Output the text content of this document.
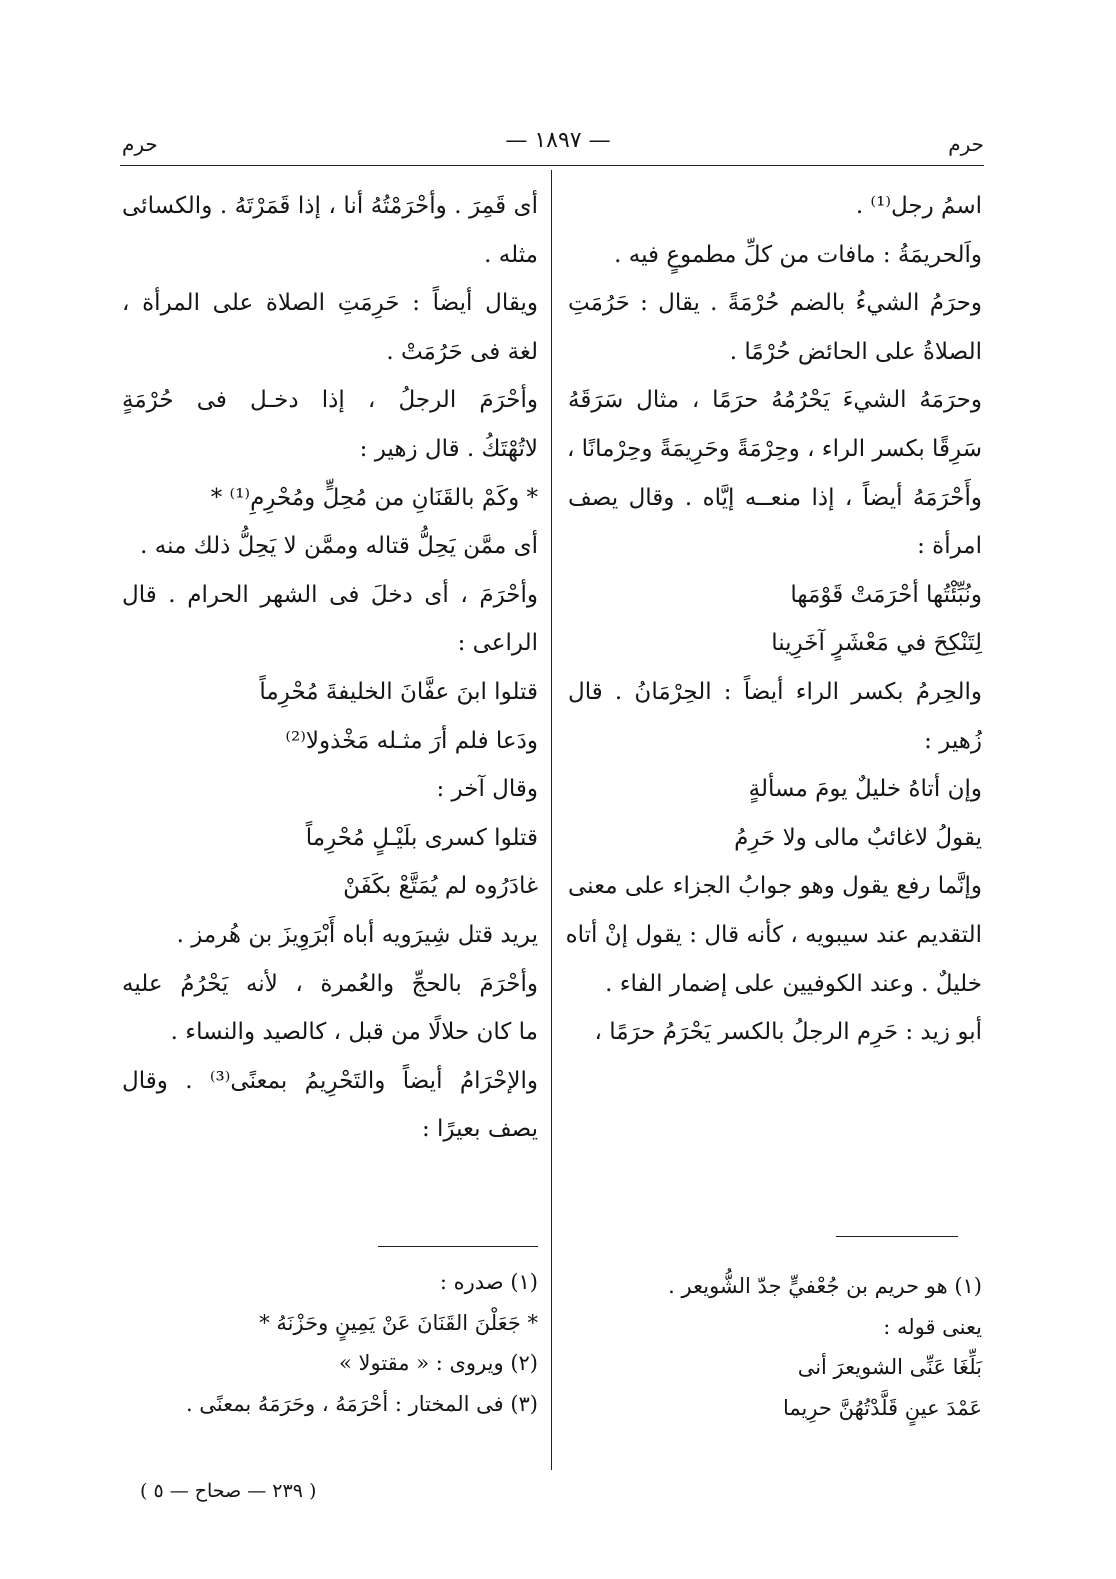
حرم
— ١٨٩٧ —
حرم
اسمُ رجل⁽¹⁾ .
واَلحريمَةُ : مافات من كلِّ مطموعٍ فيه .
وحرَمُ الشيءُ بالضم حُرْمَةً . يقال : حَرُمَتِ
الصلاةُ على الحائض حُرْمًا .
وحرَمَهُ الشيءَ يَحْرُمُهُ حرَمًا ، مثال سَرَقَهُ
سَرِقًا بكسر الراء ، وحِرْمَةً وحَرِيمَةً وحِرْمانًا ،
وأَحْرَمَهُ أيضاً ، إذا منعــه إيَّاه . وقال يصف
امرأة :
ونُبِّئْتُها أحْرَمَتْ قَوْمَها
لِتَنْكِحَ في مَعْشَرٍ آخَرِينا
والحِرمُ بكسر الراء أيضاً : الحِرْمَانُ . قال
زُهير :
وإن أتاهُ خليلٌ يومَ مسألةٍ
يقولُ لاغائبٌ مالى ولا حَرِمُ
وإنَّما رفع يقول وهو جوابُ الجزاء على معنى
التقديم عند سيبويه ، كأنه قال : يقول إنْ أتاه
خليلٌ . وعند الكوفيين على إضمار الفاء .
أبو زيد : حَرِم الرجلُ بالكسر يَحْرَمُ حرَمًا ،
أى قَمِرَ . وأحْرَمْتُهُ أنا ، إذا قَمَرْتَهُ . والكسائى
مثله .
ويقال أيضاً : حَرِمَتِ الصلاة على المرأة ،
لغة فى حَرُمَتْ .
وأحْرَمَ الرجلُ ، إذا دخـل فى حُرْمَةٍ
لاتُهْتَكُ . قال زهير :
* وكَمْ بالقَنَانِ من مُحِلٍّ ومُحْرِمِ⁽¹⁾ *
أى ممَّن يَحِلُّ قتاله وممَّن لا يَحِلُّ ذلك منه .
وأحْرَمَ ، أى دخلَ فى الشهر الحرام . قال
الراعى :
قتلوا ابنَ عفَّانَ الخليفةَ مُحْرِماً
ودَعا فلم أرَ مثـله مَخْذولا⁽²⁾
وقال آخر :
قتلوا كسرى بلَيْـلٍ مُحْرِماً
غادَرُوه لم يُمَتَّعْ بكَفَنْ
يريد قتل شِيرَويه أباه أَبْرَوِيزَ بن هُرمز .
وأحْرَمَ بالحجِّ والعُمرة ، لأنه يَحْرُمُ عليه
ما كان حلالًا من قبل ، كالصيد والنساء .
والإحْرَامُ أيضاً والتَحْرِيمُ بمعنًى⁽³⁾ . وقال
يصف بعيرًا :
(١) هو حريم بن جُعْفيٍّ جدّ الشُّويعر .
يعنى قوله :
بَلِّغَا عَنِّى الشويعرَ أنى
عَمْدَ عينٍ قَلَّدْتُهُنَّ حرِيما
(١) صدره :
* جَعَلْنَ القَنَانَ عَنْ يَمِينٍ وحَزْنَهُ *
(٢) ويروى : « مقتولا »
(٣) فى المختار : أحْرَمَهُ ، وحَرَمَهُ بمعنًى .
( ٢٣٩ — صحاح — ٥ )
